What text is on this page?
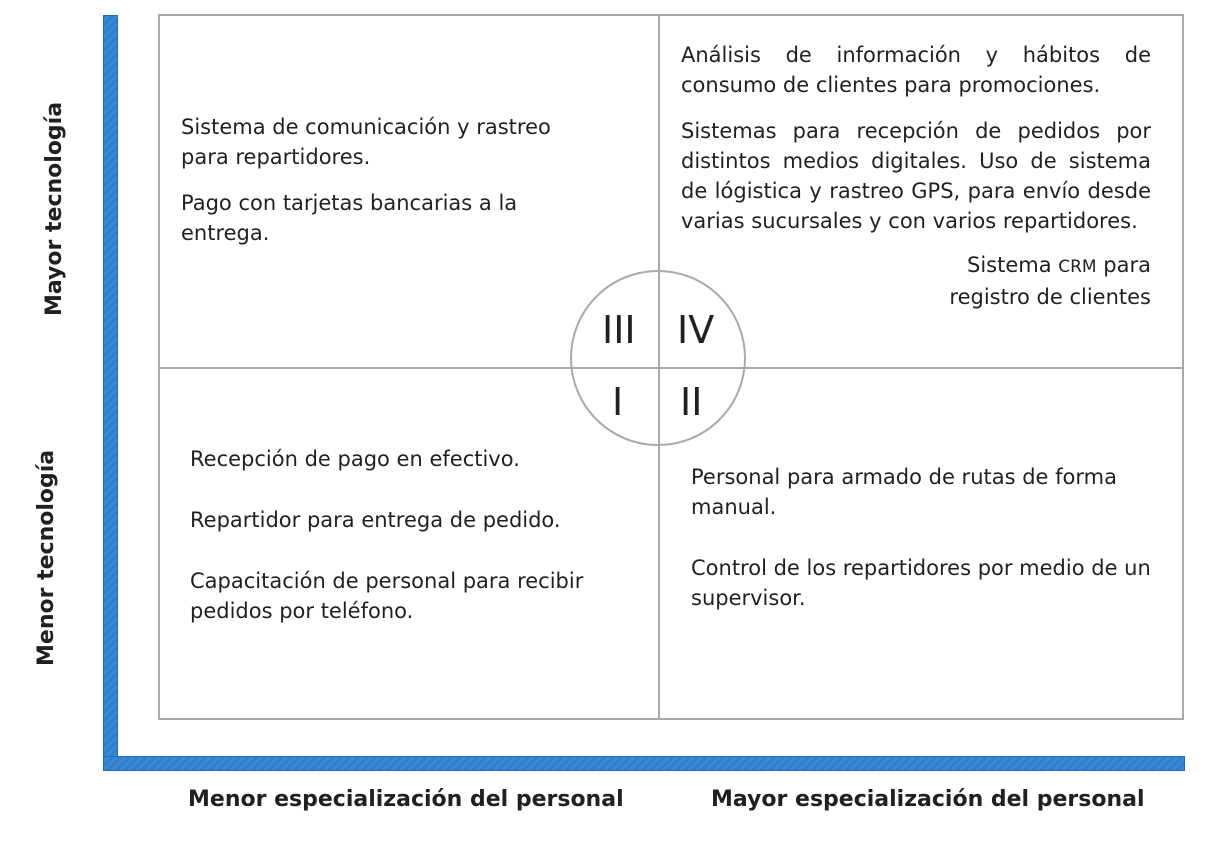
Mayor tecnología
Menor tecnología
Menor especialización del personal	Mayor especialización del personal
III IV
I II

Sistema de comunicación y rastreo para repartidores.

Pago con tarjetas bancarias a la entrega.

Análisis de información y hábitos de consumo de clientes para promociones.

Sistemas para recepción de pedidos por distintos medios digitales. Uso de sistema de lógistica y rastreo GPS, para envío desde varias sucursales y con varios repartidores.

Sistema CRM para
registro de clientes

Recepción de pago en efectivo.

Repartidor para entrega de pedido.

Capacitación de personal para recibir pedidos por teléfono.

Personal para armado de rutas de forma manual.

Control de los repartidores por medio de un supervisor.
